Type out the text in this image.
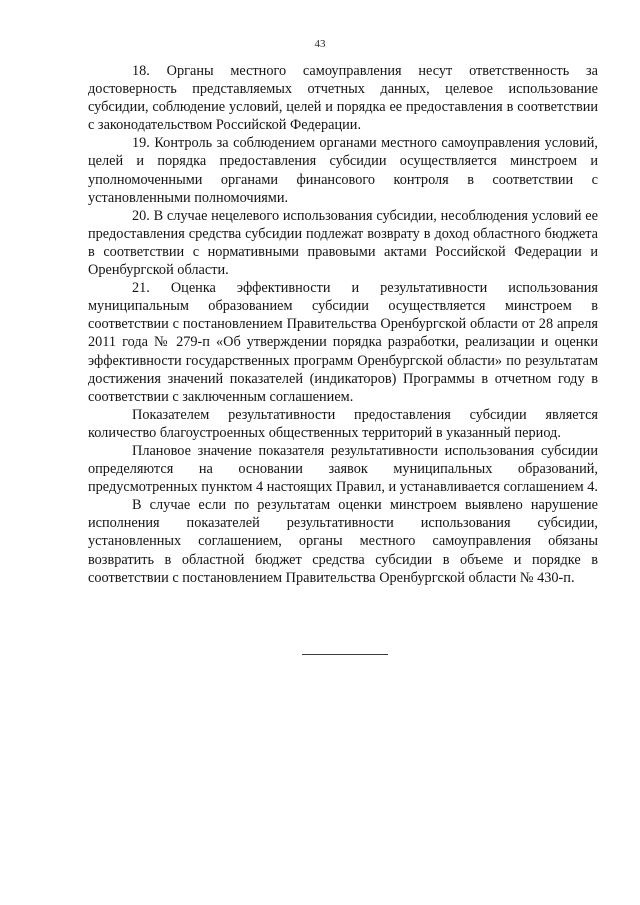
43

18. Органы местного самоуправления несут ответственность за достоверность представляемых отчетных данных, целевое использование субсидии, соблюдение условий, целей и порядка ее предоставления в соответствии с законодательством Российской Федерации.

19. Контроль за соблюдением органами местного самоуправления условий, целей и порядка предоставления субсидии осуществляется минстроем и уполномоченными органами финансового контроля в соответствии с установленными полномочиями.

20. В случае нецелевого использования субсидии, несоблюдения условий ее предоставления средства субсидии подлежат возврату в доход областного бюджета в соответствии с нормативными правовыми актами Российской Федерации и Оренбургской области.

21. Оценка эффективности и результативности использования муниципальным образованием субсидии осуществляется минстроем в соответствии с постановлением Правительства Оренбургской области от 28 апреля 2011 года № 279-п «Об утверждении порядка разработки, реализации и оценки эффективности государственных программ Оренбургской области» по результатам достижения значений показателей (индикаторов) Программы в отчетном году в соответствии с заключенным соглашением.

Показателем результативности предоставления субсидии является количество благоустроенных общественных территорий в указанный период.

Плановое значение показателя результативности использования субсидии определяются на основании заявок муниципальных образований, предусмотренных пунктом 4 настоящих Правил, и устанавливается соглашением 4.

В случае если по результатам оценки минстроем выявлено нарушение исполнения показателей результативности использования субсидии, установленных соглашением, органы местного самоуправления обязаны возвратить в областной бюджет средства субсидии в объеме и порядке в соответствии с постановлением Правительства Оренбургской области № 430-п.
